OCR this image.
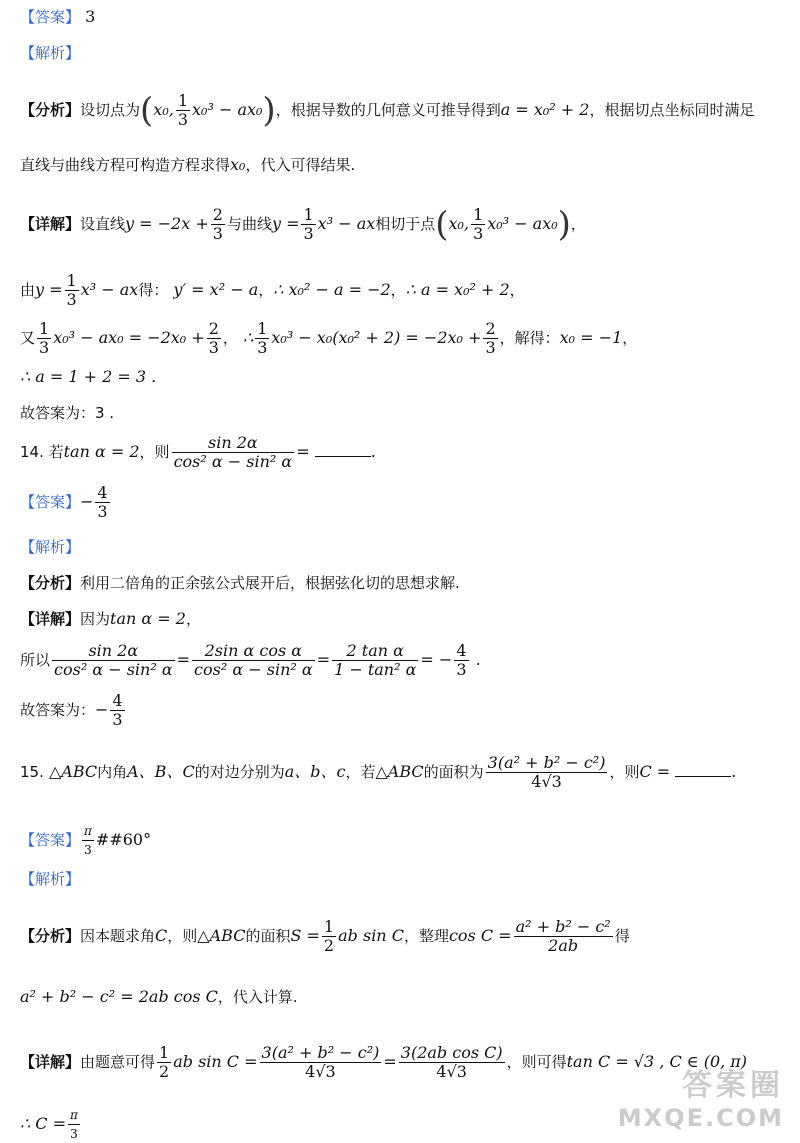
【答案】 3
【解析】
【分析】设切点为(x₀, $\frac{1}{3} x_0^3 - ax_0$)，根据导数的几何意义可推导得到a = x₀² + 2，根据切点坐标同时满足
直线与曲线方程可构造方程求得x₀，代入可得结果.
【详解】设直线$y = -2x + \frac{2}{3}$ 与曲线$y = \frac{1}{3} x^3$ − ax相切于点(x₀, $\frac{1}{3} x_0^3 - ax_0$)，
由$y = \frac{1}{3} x^3$ − ax得： y′ = x² − a，∴ x₀² − a = −2，∴ a = x₀² + 2，
又 $\frac{1}{3} x_0^3 - ax_0 = -2x_0 + \frac{2}{3}$ ， ∴ $\frac{1}{3} x_0^3 - x_0(x_0^2 + 2) = -2x_0 + \frac{2}{3}$ ，解得：x₀ = −1，
∴ a = 1 + 2 = 3 .
故答案为：3 .
14. 若tan α = 2，则 $\frac{\sin 2\alpha}{\text{cos² α − sin² α}}$ =	.
【答案】− $\frac{4}{3}$
【解析】
【分析】利用二倍角的正余弦公式展开后，根据弦化切的思想求解.
【详解】因为tan α = 2，
所以 $\frac{\sin 2\alpha}{\text{cos² α − sin² α}} = \frac{\text{2sin α cos α}}{\text{cos² α − sin² α}} = \frac{\text{2 tan α}}{\text{1 − tan² α}}$ = − $\frac{4}{3}$ .
故答案为：− $\frac{4}{3}$
15. △ABC内角A、B、C的对边分别为a、b、c，若△ABC的面积为 $\frac{\text{3(a² + b² − c²)}}{4√3}$ ，则C =	.
【答案】 $\frac{\pi}{3}$ ##60°
【解析】
【分析】因本题求角C，则△ABC的面积$S = \frac{1}{2}$ ab sin C，整理$\cos C = \frac{\text{a² + b² − c²}}{2ab}$ 得
a² + b² − c² = 2ab cos C，代入计算.
【详解】由题意可得 $\frac{1}{2}$ ab $\sin C = \frac{\text{3(a² + b² − c²)}}{4√3} = \frac{\text{3(2ab cos C)}}{4√3}$ ，则可得tan C = √3 , C ∈ (0, π)
∴ $C = \frac{\pi}{3}$
答案圈
MXQE.COM
